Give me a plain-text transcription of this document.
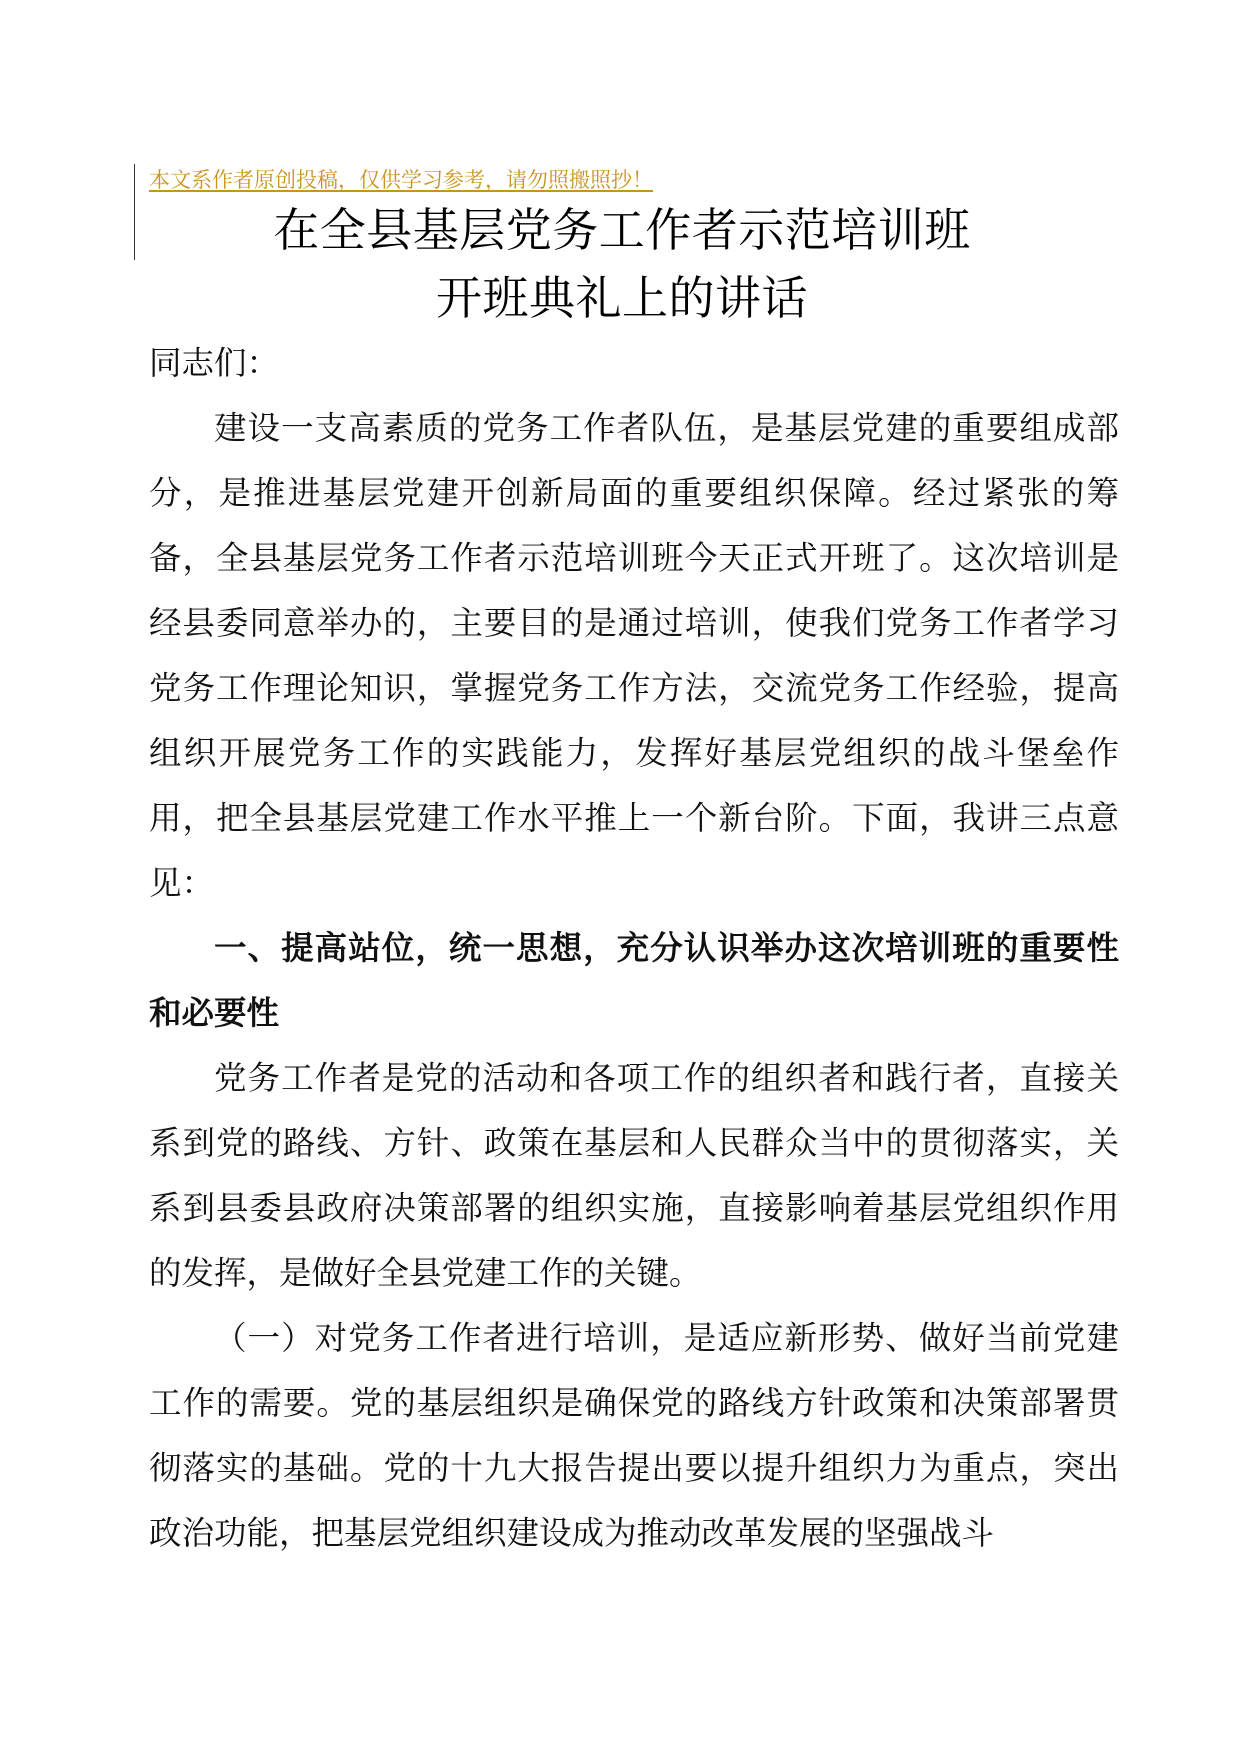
本文系作者原创投稿，仅供学习参考，请勿照搬照抄！
在全县基层党务工作者示范培训班
开班典礼上的讲话

同志们：

建设一支高素质的党务工作者队伍，是基层党建的重要组成部分，是推进基层党建开创新局面的重要组织保障。经过紧张的筹备，全县基层党务工作者示范培训班今天正式开班了。这次培训是经县委同意举办的，主要目的是通过培训，使我们党务工作者学习党务工作理论知识，掌握党务工作方法，交流党务工作经验，提高组织开展党务工作的实践能力，发挥好基层党组织的战斗堡垒作用，把全县基层党建工作水平推上一个新台阶。下面，我讲三点意见：

一、提高站位，统一思想，充分认识举办这次培训班的重要性和必要性

党务工作者是党的活动和各项工作的组织者和践行者，直接关系到党的路线、方针、政策在基层和人民群众当中的贯彻落实，关系到县委县政府决策部署的组织实施，直接影响着基层党组织作用的发挥，是做好全县党建工作的关键。

（一）对党务工作者进行培训，是适应新形势、做好当前党建工作的需要。党的基层组织是确保党的路线方针政策和决策部署贯彻落实的基础。党的十九大报告提出要以提升组织力为重点，突出政治功能，把基层党组织建设成为推动改革发展的坚强战斗
